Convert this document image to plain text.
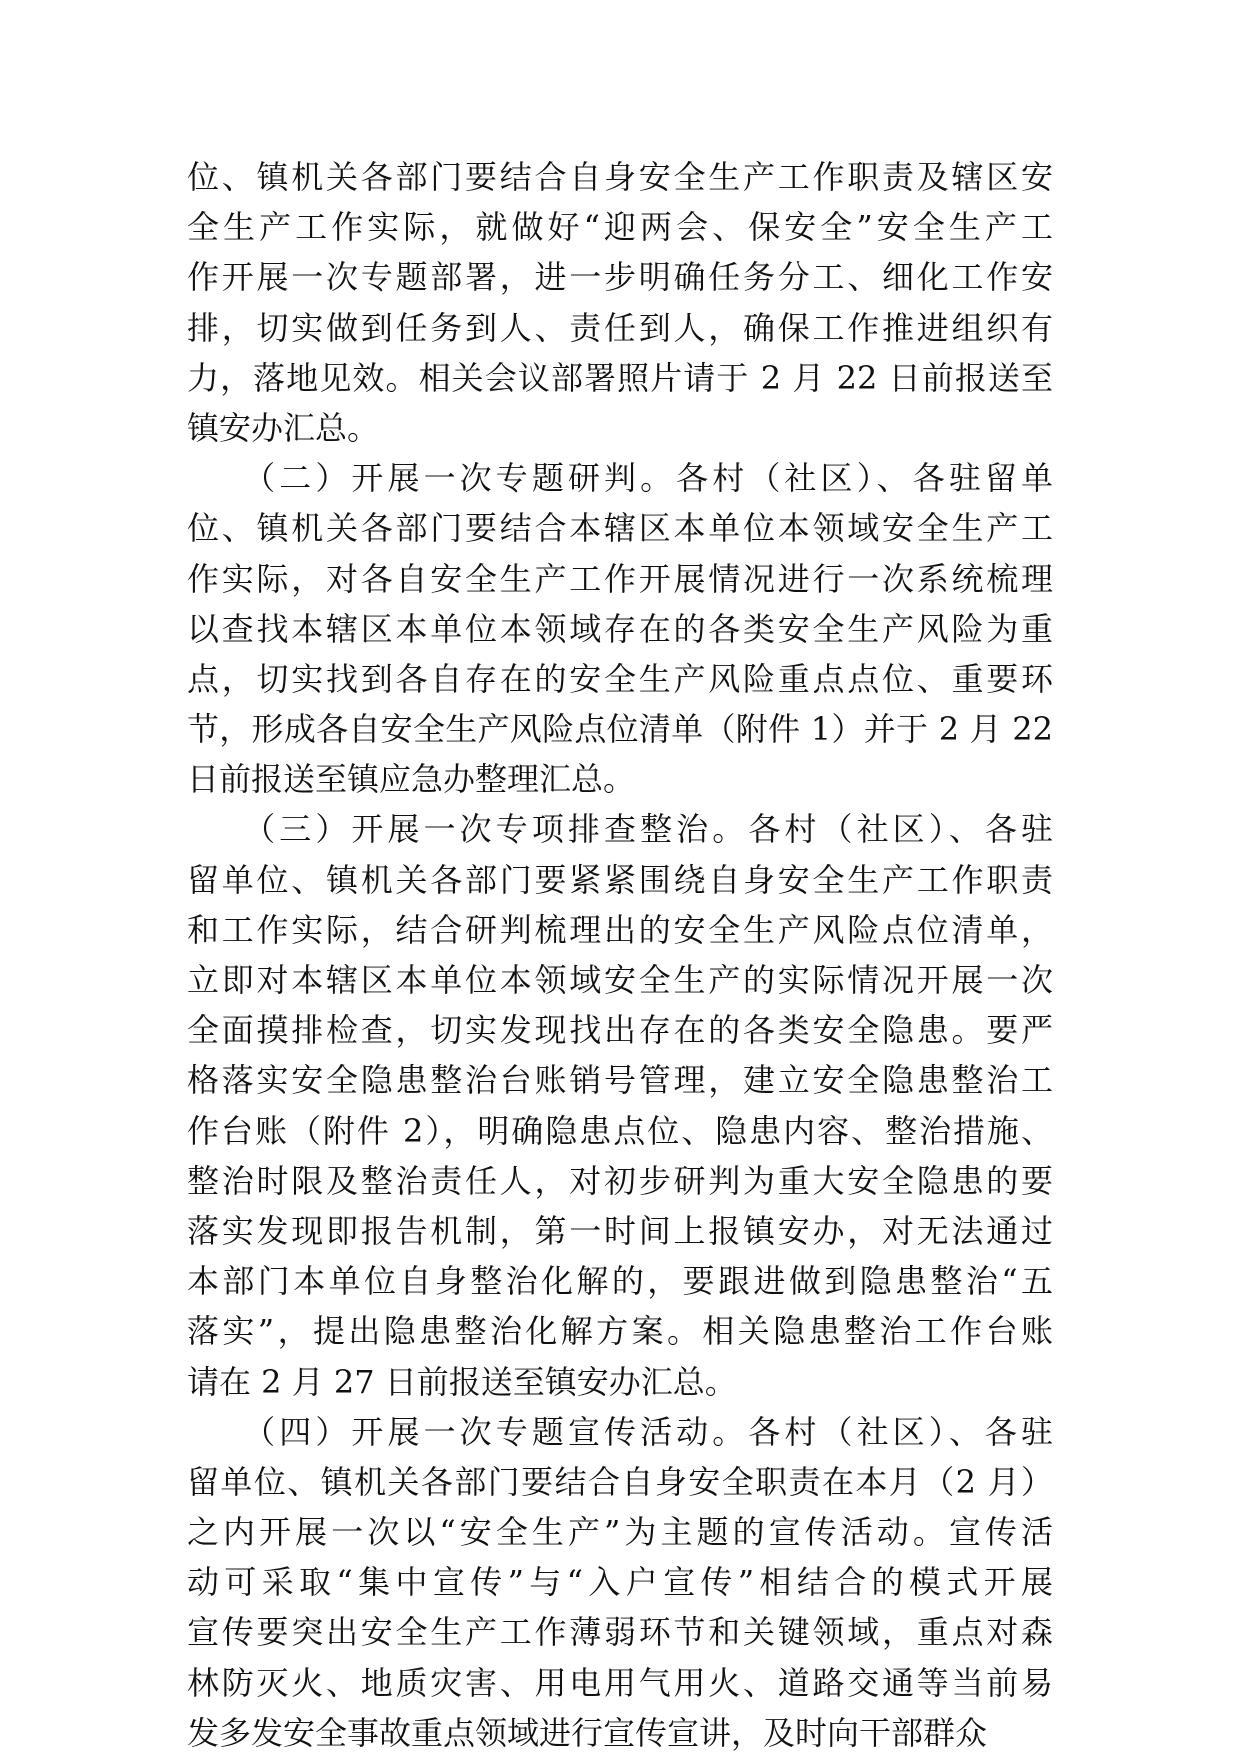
位、镇机关各部门要结合自身安全生产工作职责及辖区安
全生产工作实际，就做好“迎两会、保安全”安全生产工
作开展一次专题部署，进一步明确任务分工、细化工作安
排，切实做到任务到人、责任到人，确保工作推进组织有
力，落地见效。相关会议部署照片请于 2 月 22 日前报送至
镇安办汇总。
　　（二）开展一次专题研判。各村（社区）、各驻留单
位、镇机关各部门要结合本辖区本单位本领域安全生产工
作实际，对各自安全生产工作开展情况进行一次系统梳理
以查找本辖区本单位本领域存在的各类安全生产风险为重
点，切实找到各自存在的安全生产风险重点点位、重要环
节，形成各自安全生产风险点位清单（附件 1）并于 2 月 22
日前报送至镇应急办整理汇总。
　　（三）开展一次专项排查整治。各村（社区）、各驻
留单位、镇机关各部门要紧紧围绕自身安全生产工作职责
和工作实际，结合研判梳理出的安全生产风险点位清单，
立即对本辖区本单位本领域安全生产的实际情况开展一次
全面摸排检查，切实发现找出存在的各类安全隐患。要严
格落实安全隐患整治台账销号管理，建立安全隐患整治工
作台账（附件 2），明确隐患点位、隐患内容、整治措施、
整治时限及整治责任人，对初步研判为重大安全隐患的要
落实发现即报告机制，第一时间上报镇安办，对无法通过
本部门本单位自身整治化解的，要跟进做到隐患整治“五
落实”，提出隐患整治化解方案。相关隐患整治工作台账
请在 2 月 27 日前报送至镇安办汇总。
　　（四）开展一次专题宣传活动。各村（社区）、各驻
留单位、镇机关各部门要结合自身安全职责在本月（2 月）
之内开展一次以“安全生产”为主题的宣传活动。宣传活
动可采取“集中宣传”与“入户宣传”相结合的模式开展
宣传要突出安全生产工作薄弱环节和关键领域，重点对森
林防灭火、地质灾害、用电用气用火、道路交通等当前易
发多发安全事故重点领域进行宣传宣讲，及时向干部群众
